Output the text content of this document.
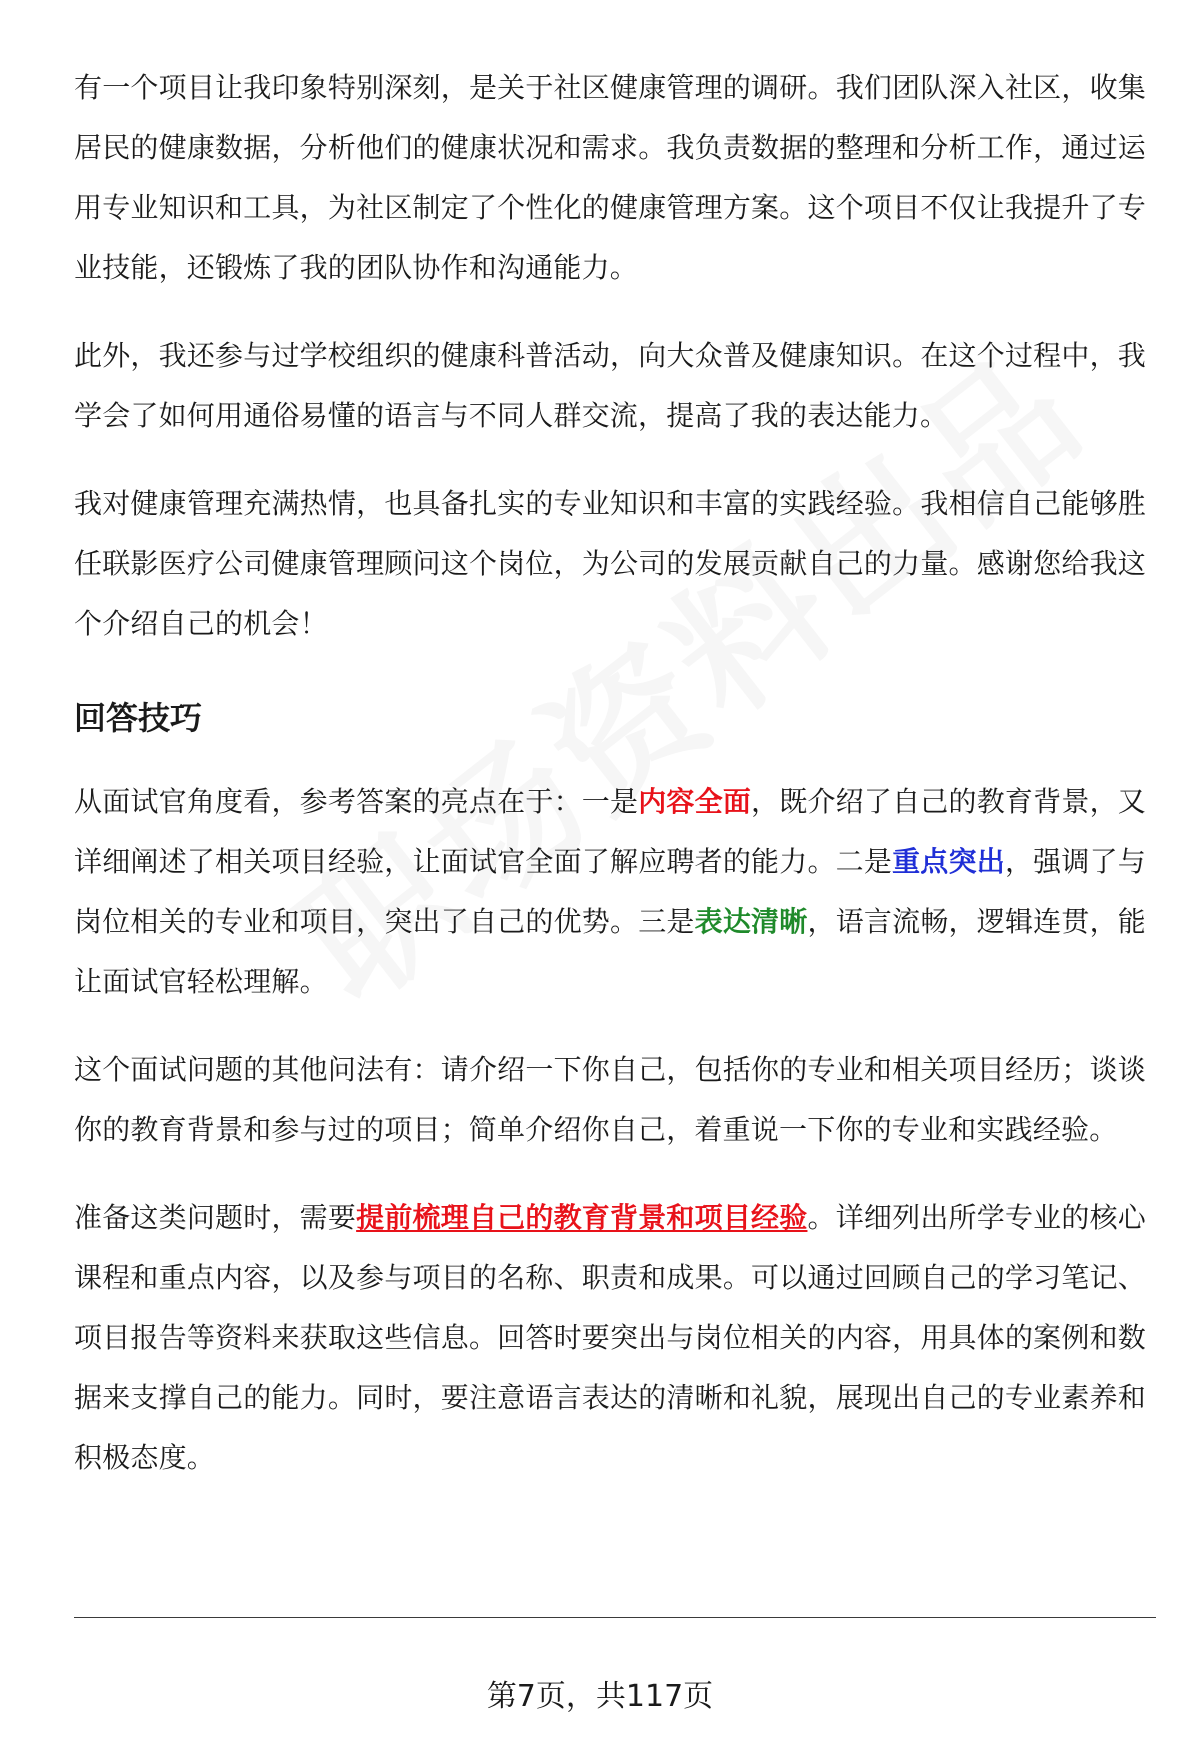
有一个项目让我印象特别深刻，是关于社区健康管理的调研。我们团队深入社区，收集居民的健康数据，分析他们的健康状况和需求。我负责数据的整理和分析工作，通过运用专业知识和工具，为社区制定了个性化的健康管理方案。这个项目不仅让我提升了专业技能，还锻炼了我的团队协作和沟通能力。

此外，我还参与过学校组织的健康科普活动，向大众普及健康知识。在这个过程中，我学会了如何用通俗易懂的语言与不同人群交流，提高了我的表达能力。

我对健康管理充满热情，也具备扎实的专业知识和丰富的实践经验。我相信自己能够胜任联影医疗公司健康管理顾问这个岗位，为公司的发展贡献自己的力量。感谢您给我这个介绍自己的机会！

回答技巧

从面试官角度看，参考答案的亮点在于：一是内容全面，既介绍了自己的教育背景，又详细阐述了相关项目经验，让面试官全面了解应聘者的能力。二是重点突出，强调了与岗位相关的专业和项目，突出了自己的优势。三是表达清晰，语言流畅，逻辑连贯，能让面试官轻松理解。

这个面试问题的其他问法有：请介绍一下你自己，包括你的专业和相关项目经历；谈谈你的教育背景和参与过的项目；简单介绍你自己，着重说一下你的专业和实践经验。

准备这类问题时，需要提前梳理自己的教育背景和项目经验。详细列出所学专业的核心课程和重点内容，以及参与项目的名称、职责和成果。可以通过回顾自己的学习笔记、项目报告等资料来获取这些信息。回答时要突出与岗位相关的内容，用具体的案例和数据来支撑自己的能力。同时，要注意语言表达的清晰和礼貌，展现出自己的专业素养和积极态度。

第7页，共117页
